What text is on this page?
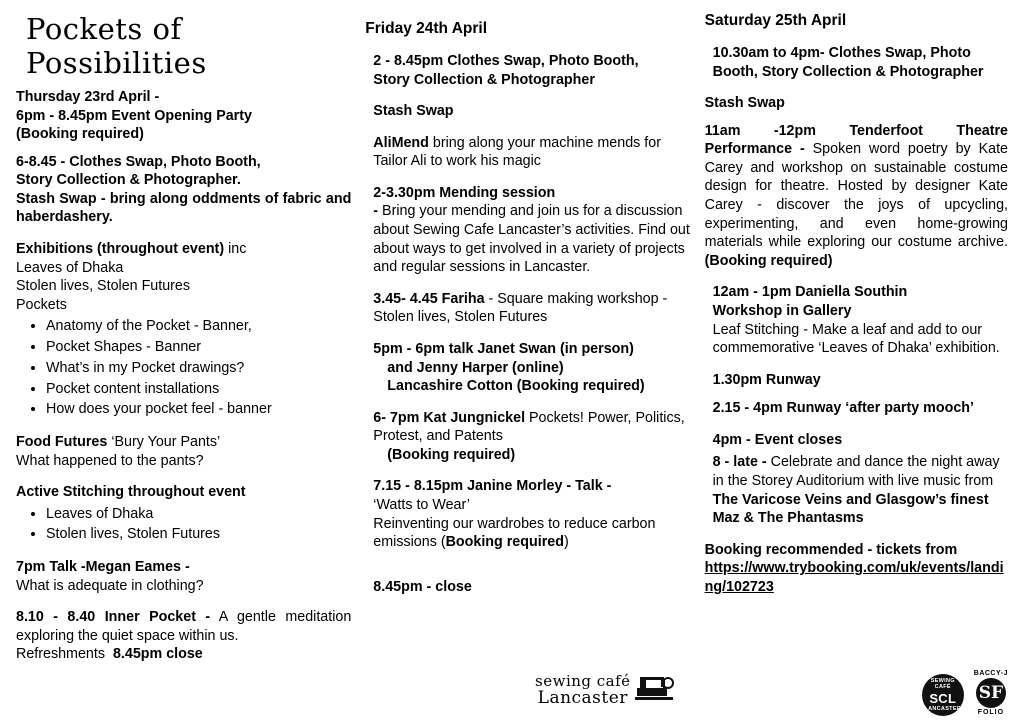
Pockets of Possibilities
Thursday 23rd April -
6pm - 8.45pm Event Opening Party
(Booking required)
6-8.45 - Clothes Swap, Photo Booth,
Story Collection & Photographer.
Stash Swap - bring along oddments of fabric and haberdashery.
Exhibitions (throughout event) inc
Leaves of Dhaka
Stolen lives, Stolen Futures
Pockets
• Anatomy of the Pocket - Banner,
• Pocket Shapes - Banner
• What’s in my Pocket drawings?
• Pocket content installations
• How does your pocket feel - banner
Food Futures ‘Bury Your Pants’
What happened to the pants?
Active Stitching throughout event
• Leaves of Dhaka
• Stolen lives, Stolen Futures
7pm Talk -Megan Eames -
What is adequate in clothing?
8.10 - 8.40 Inner Pocket - A gentle meditation exploring the quiet space within us.
Refreshments 8.45pm close
Friday 24th April
2 - 8.45pm Clothes Swap, Photo Booth,
Story Collection & Photographer
Stash Swap
AliMend bring along your machine mends for Tailor Ali to work his magic
2-3.30pm Mending session
- Bring your mending and join us for a discussion about Sewing Cafe Lancaster’s activities. Find out about ways to get involved in a variety of projects and regular sessions in Lancaster.
3.45- 4.45 Fariha - Square making workshop - Stolen lives, Stolen Futures
5pm - 6pm talk Janet Swan (in person)
and Jenny Harper (online)
Lancashire Cotton (Booking required)
6- 7pm Kat Jungnickel Pockets! Power, Politics, Protest, and Patents
(Booking required)
7.15 - 8.15pm Janine Morley - Talk -
‘Watts to Wear’
Reinventing our wardrobes to reduce carbon emissions (Booking required)
8.45pm - close
sewing café
Lancaster
Saturday 25th April
10.30am to 4pm- Clothes Swap, Photo
Booth, Story Collection & Photographer
Stash Swap
11am -12pm Tenderfoot Theatre Performance - Spoken word poetry by Kate Carey and workshop on sustainable costume design for theatre. Hosted by designer Kate Carey - discover the joys of upcycling, experimenting, and even home-growing materials while exploring our costume archive. (Booking required)
12am - 1pm Daniella Southin
Workshop in Gallery
Leaf Stitching - Make a leaf and add to our commemorative ‘Leaves of Dhaka’ exhibition.
1.30pm Runway
2.15 - 4pm Runway ‘after party mooch’
4pm - Event closes
8 - late - Celebrate and dance the night away in the Storey Auditorium with live music from
The Varicose Veins and Glasgow’s finest Maz & The Phantasms
Booking recommended - tickets from
https://www.trybooking.com/uk/events/landing/102723
SEWING CAFÉ
SCL
LANCASTER
BACCY-J
SF
FOLIO
